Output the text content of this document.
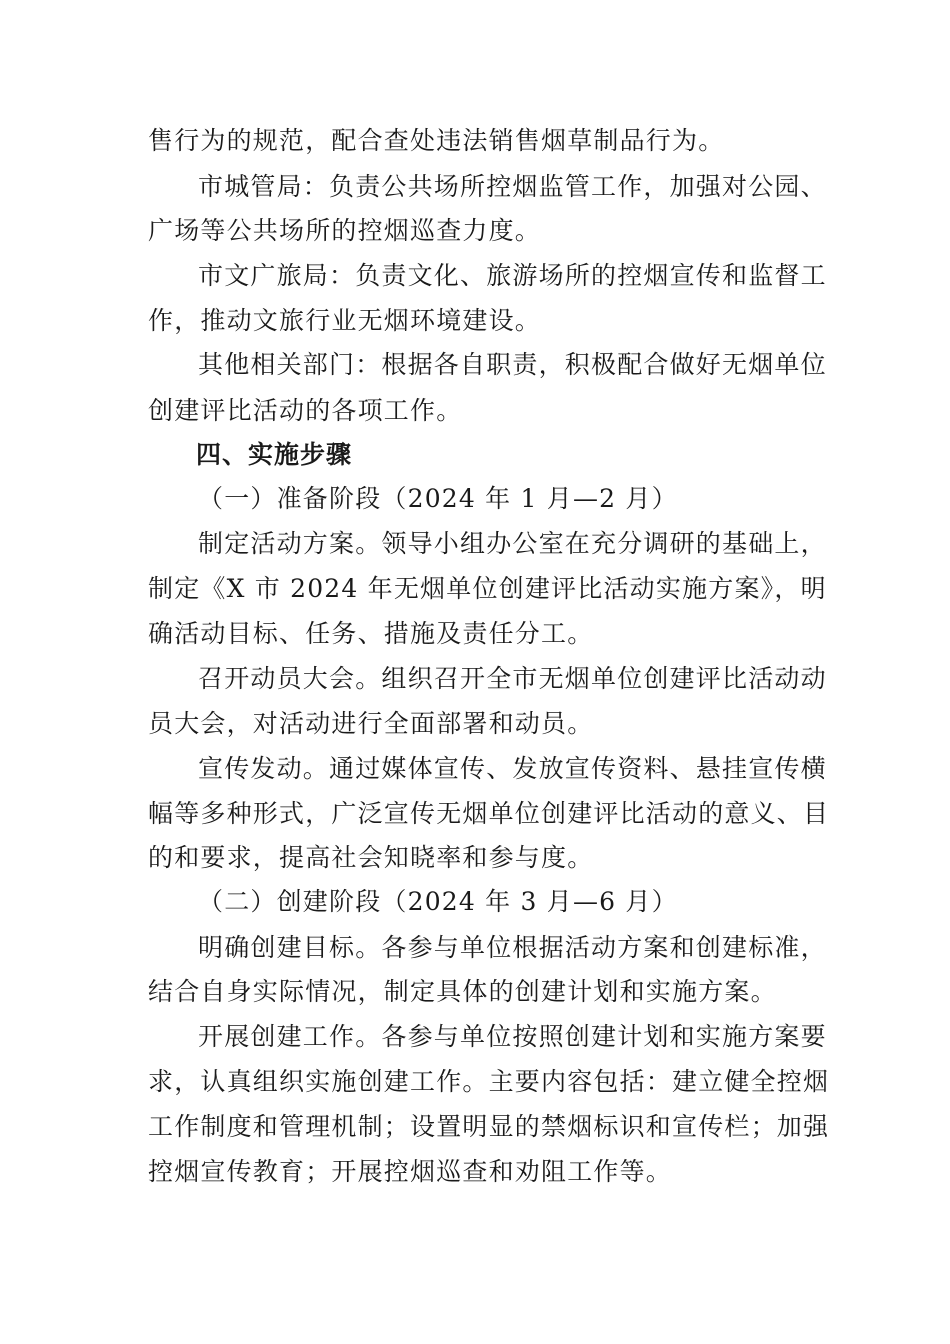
售行为的规范，配合查处违法销售烟草制品行为。
市城管局：负责公共场所控烟监管工作，加强对公园、
广场等公共场所的控烟巡查力度。
市文广旅局：负责文化、旅游场所的控烟宣传和监督工
作，推动文旅行业无烟环境建设。
其他相关部门：根据各自职责，积极配合做好无烟单位
创建评比活动的各项工作。
四、实施步骤
（一）准备阶段（2024 年 1 月—2 月）
制定活动方案。领导小组办公室在充分调研的基础上，
制定《X 市 2024 年无烟单位创建评比活动实施方案》，明
确活动目标、任务、措施及责任分工。
召开动员大会。组织召开全市无烟单位创建评比活动动
员大会，对活动进行全面部署和动员。
宣传发动。通过媒体宣传、发放宣传资料、悬挂宣传横
幅等多种形式，广泛宣传无烟单位创建评比活动的意义、目
的和要求，提高社会知晓率和参与度。
（二）创建阶段（2024 年 3 月—6 月）
明确创建目标。各参与单位根据活动方案和创建标准，
结合自身实际情况，制定具体的创建计划和实施方案。
开展创建工作。各参与单位按照创建计划和实施方案要
求，认真组织实施创建工作。主要内容包括：建立健全控烟
工作制度和管理机制；设置明显的禁烟标识和宣传栏；加强
控烟宣传教育；开展控烟巡查和劝阻工作等。
